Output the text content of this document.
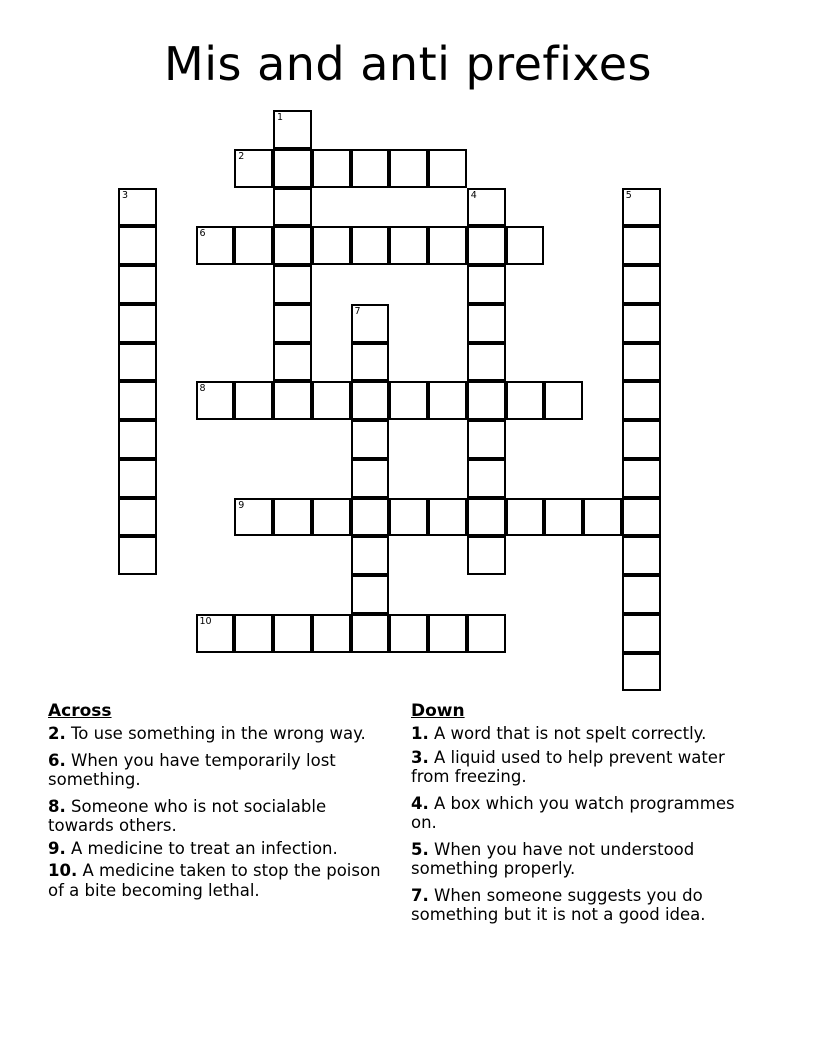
Mis and anti prefixes
1
2
3	4	5
6
7
8
9
10
Across
2. To use something in the wrong way.
6. When you have temporarily lost something.
8. Someone who is not socialable towards others.
9. A medicine to treat an infection.
10. A medicine taken to stop the poison of a bite becoming lethal.
Down
1. A word that is not spelt correctly.
3. A liquid used to help prevent water from freezing.
4. A box which you watch programmes on.
5. When you have not understood something properly.
7. When someone suggests you do something but it is not a good idea.
